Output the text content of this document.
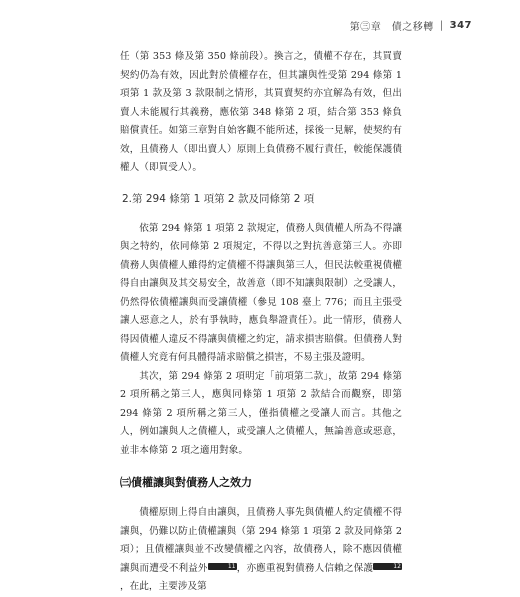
第㊂章　債之移轉 | 347

任（第 353 條及第 350 條前段）。換言之，債權不存在，其買賣契約仍為有效，因此對於債權存在，但其讓與性受第 294 條第 1 項第 1 款及第 3 款限制之情形，其買賣契約亦宜解為有效，但出賣人未能履行其義務，應依第 348 條第 2 項，結合第 353 條負賠償責任。如第三章對自始客觀不能所述，採後一見解，使契約有效，且債務人（即出賣人）原則上負債務不履行責任，較能保護債權人（即買受人）。

2.第 294 條第 1 項第 2 款及同條第 2 項

依第 294 條第 1 項第 2 款規定，債務人與債權人所為不得讓與之特約，依同條第 2 項規定，不得以之對抗善意第三人。亦即債務人與債權人雖得約定債權不得讓與第三人，但民法較重視債權得自由讓與及其交易安全，故善意（即不知讓與限制）之受讓人，仍然得依債權讓與而受讓債權（參見 108 臺上 776；而且主張受讓人惡意之人，於有爭執時，應負舉證責任）。此一情形，債務人得因債權人違反不得讓與債權之約定，請求損害賠償。但債務人對債權人究竟有何具體得請求賠償之損害，不易主張及證明。

其次，第 294 條第 2 項明定「前項第二款」，故第 294 條第 2 項所稱之第三人，應與同條第 1 項第 2 款結合而觀察，即第 294 條第 2 項所稱之第三人，僅指債權之受讓人而言。其他之人，例如讓與人之債權人，或受讓人之債權人，無論善意或惡意，並非本條第 2 項之適用對象。

㈢債權讓與對債務人之效力

債權原則上得自由讓與，且債務人事先與債權人約定債權不得讓與，仍難以防止債權讓與（第 294 條第 1 項第 2 款及同條第 2 項）；且債權讓與並不改變債權之內容，故債務人，除不應因債權讓與而遭受不利益外	$^{11}$，亦應重視對債務人信賴之保護	$^{12}$，在此，主要涉及第
